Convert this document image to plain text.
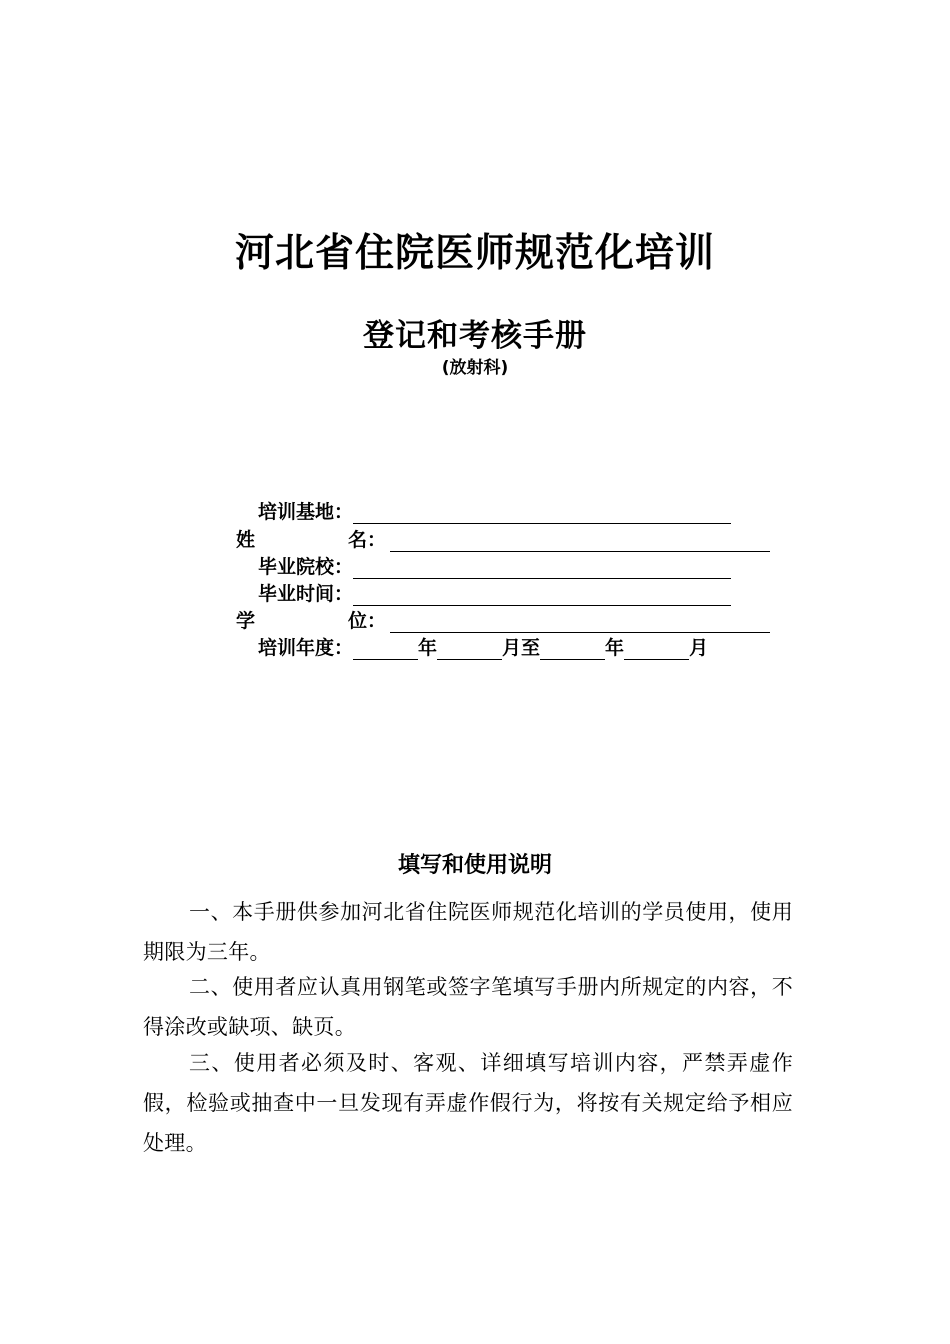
河北省住院医师规范化培训
登记和考核手册
(放射科)
培训基地：
姓	名：
毕业院校：
毕业时间：
学	位：
培训年度：	年	月至	年	月
填写和使用说明
一、本手册供参加河北省住院医师规范化培训的学员使用，使用期限为三年。
二、使用者应认真用钢笔或签字笔填写手册内所规定的内容，不得涂改或缺项、缺页。
三、使用者必须及时、客观、详细填写培训内容，严禁弄虚作假，检验或抽查中一旦发现有弄虚作假行为，将按有关规定给予相应处理。
